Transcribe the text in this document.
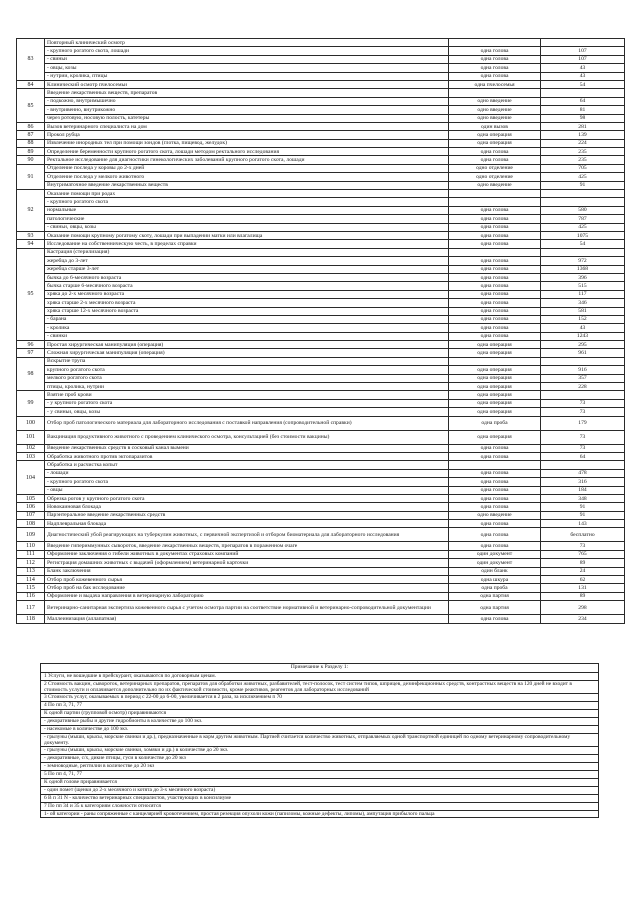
83	Повторный клинический осмотр		
	- крупного рогатого скота, лошади	одна голова	107
	- свиньи	одна голова	107
	- овцы, козы	одна голова	43
	- нутрии, кролика, птицы	одна голова	43
84	Клинический осмотр пчелосемьи	одна пчелосемья	54
85	Введение лекарственных веществ, препаратов		
	- подкожно, внутримышечно	одно введение	64
	- внутривенно, внутрикожно	одно введение	81
	через ротовую, носовую полость, катетеры	одно введение	98
86	Вызов ветеринарного специалиста на дом	один вызов	281
87	Прокол рубца	одна операция	139
88	Извлечение инородных тел при помощи зондов (глотка, пищевод, желудок)	одна операция	224
89	Определение беременности крупного рогатого скота, лошади методом ректального исследования	одна голова	235
90	Ректальное исследование для диагностики гинекологических заболеваний крупного рогатого скота, лошади	одна голова	235
91	Отделение последа у коровы до 2-х дней	одно отделение	705
	Отделение последа у мелкого животного	одно отделение	425
	Внутриматочное введение лекарственных веществ	одно введение	91
92	Оказание помощи при родах		
	- крупного рогатого скота		
	нормальные	одна голова	580
	патологические	одна голова	787
	- свиньи, овцы, козы	одна голова	425
93	Оказание помощи крупному рогатому скоту, лошади при выпадении матки или влагалища	одна голова	1075
94	Исследование на собственническую честь, в пределах справки	одна голова	54
95	Кастрация (стерилизация)		
	жеребца до 3-лет	одна голова	972
	жеребца старше 3-лет	одна голова	1368
	бычка до 6-месячного возраста	одна голова	396
	бычка старше 6-месячного возраста	одна голова	515
	хряка до 2-х месячного возраста	одна голова	117
	хряка старше 2-х месячного возраста	одна голова	346
	хряка старше 12-х месячного возраста	одна голова	581
	- барана	одна голова	152
	- кролика	одна голова	43
	- свинки	одна голова	1243
96	Простая хирургическая манипуляция (операция)	одна операция	295
97	Сложная хирургическая манипуляция (операция)	одна операция	961
98	Вскрытие трупа		
	крупного рогатого скота	одна операция	916
	мелкого рогатого скота	одна операция	357
	птицы, кролика, нутрии	одна операция	228
99	Взятие проб крови	одна операция	
	- у крупного рогатого скота	одна операция	73
	- у свиньи, овцы, козы	одна операция	73
100	Отбор проб патологического материала для лабораторного исследования с поставкой направления (сопроводительной справки)	одна проба	179
101	Вакцинация продуктивного животного с проведением клинического осмотра, консультацией (без стоимости вакцины)	одна операция	73
102	Введение лекарственных средств в сосковый канал вымени	одна голова	73
103	Обработка животного против эктопаразитов	одна голова	64
104	Обработка и расчистка копыт		
	- лошади	одна голова	478
	- крупного рогатого скота	одна голова	316
	- овцы	одна голова	184
105	Обрезка рогов у крупного рогатого скота	одна голова	348
106	Новокаиновая блокада	одна голова	91
107	Парэнтеральное введение лекарственных средств	одно введение	91
108	Надплевральная блокада	одна голова	143
109	Диагностический убой реагирующих на туберкулин животных, с первичной экспертизой и отбором биоматериала для лабораторного исследования	одна голова	бесплатно
110	Введение гипериммунных сывороток, введение лекарственных веществ, препаратов в пораженном очаге	одна голова	73
111	Оформление заключения о гибели животных в документах страховых компаний	один документ	765
112	Регистрация домашних животных с выдачей (оформлением) ветеринарной карточки	один документ	89
113	Бланк заключения	один бланк	24
114	Отбор проб кожевенного сырья	одна шкура	62
115	Отбор проб на бак исследование	одна проба	131
116	Оформление и выдача направления в ветеринарную лабораторию	одна партия	89
117	Ветеринарно-санитарная экспертиза кожевенного сырья с учетом осмотра партии на соответствие нормативной и ветеринарно-сопроводительной документации	одна партия	298
118	Маллеинизация (аллапатная)	одна голова	234
Примечание к Разделу 1:
1 Услуги, не вошедшие в прейскурант, оказываются по договорным ценам.
2 Стоимость вакцин, сывороток, ветеринарных препаратов, препаратов для обработки животных, разбавителей, тест-полосок, тест систем типов, шприцев, дезинфекционных средств, контрастных веществ на 120 дней не входит в стоимость услуги и оплачивается дополнительно по их фактической стоимости, кроме реактивов, реагентов для лабораторных исследований
3 Стоимость услуг, оказываемых в период с 22-00 до 6-00, увеличивается в 2 раза, за исключением п 70
4 По пп 3, 71, 77
К одной партии (групповой осмотр) приравниваются
- декоративные рыбы и другие гидробионты в количестве до 100 экз.
- насекомые в количестве до 100 экз.
- грызуны (мыши, крысы, морские свинки и др.), предназначенные в корм другим животным. Партией считается количество животных, отправляемых одной транспортной единицей по одному ветеринарному сопроводительному документу.
- грызуны (мыши, крысы, морские свинки, хомяки и др.) в количестве до 20 экз.
- декоративные, с/х, дикие птицы, гуси в количестве до 20 экз
- земноводные, рептилии в количестве до 20 экз
5 По пп 4, 71, 77
К одной голове приравнивается
- один помет (щенки до 2-х месячного и котята до 3-х месячного возраста)
6 В п 31 N - количество ветеринарных специалистов, участвующих в консилиуме
7 По пп 34 и 35 к категориям сложности относятся
1- ой категории - раны сопряженные с канцелярией кровотечением, простая резекция опухоли кожи (папиломы, кожные дефекты, липомы), ампутация прибылого пальца
